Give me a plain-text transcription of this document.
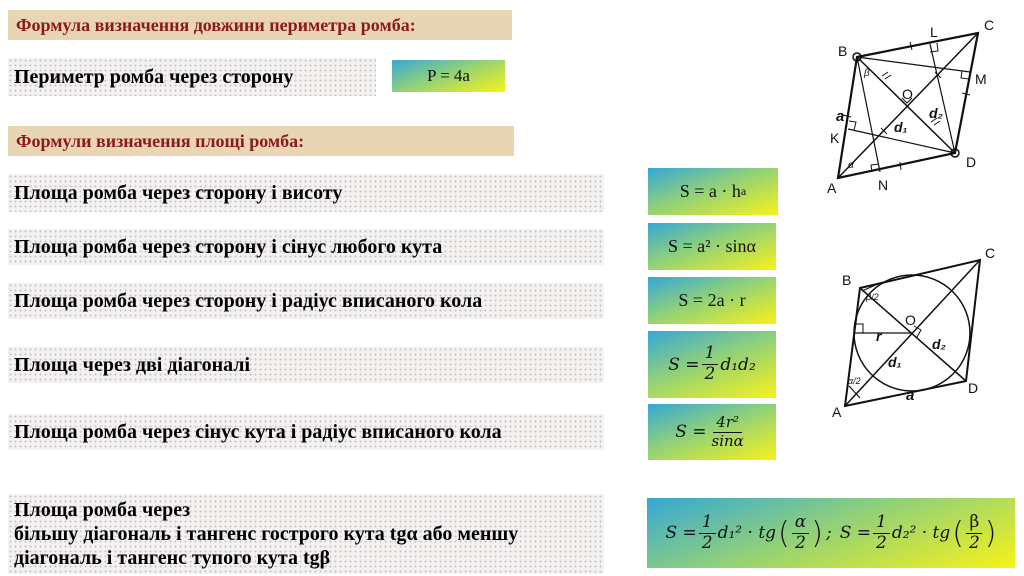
Формула визначення довжини периметра ромба:
Периметр ромба через сторону	P = 4a
Формули визначення площі ромба:
Площа ромба через сторону і висоту	S = a · h a
Площа ромба через сторону і сінус любого кута	S = a² · sinα
Площа ромба через сторону і радіус вписаного кола	S = 2a · r
Площа через дві діагоналі	$S = \frac{1}{2} d_1d_2$
Площа ромба через сінус кута і радіус вписаного кола	$S = \frac{\text{4r²}}{\sin\alpha}$
Площа ромба через
більшу діагональ і тангенс гострого кута tgα або меншу
діагональ і тангенс тупого кута tgβ
$S = \frac{1}{2} d_1^2$ · tg ( $\frac{\alpha}{2}$ ) ; $S = \frac{1}{2} d_2^2$ · tg ( $\frac{\beta}{2}$ )
B
C
D
A
L
M
K
N
O
a
d₁
d₂
β
α
B
C
D
A
O
r
d₁
d₂
a
β/2
α/2
